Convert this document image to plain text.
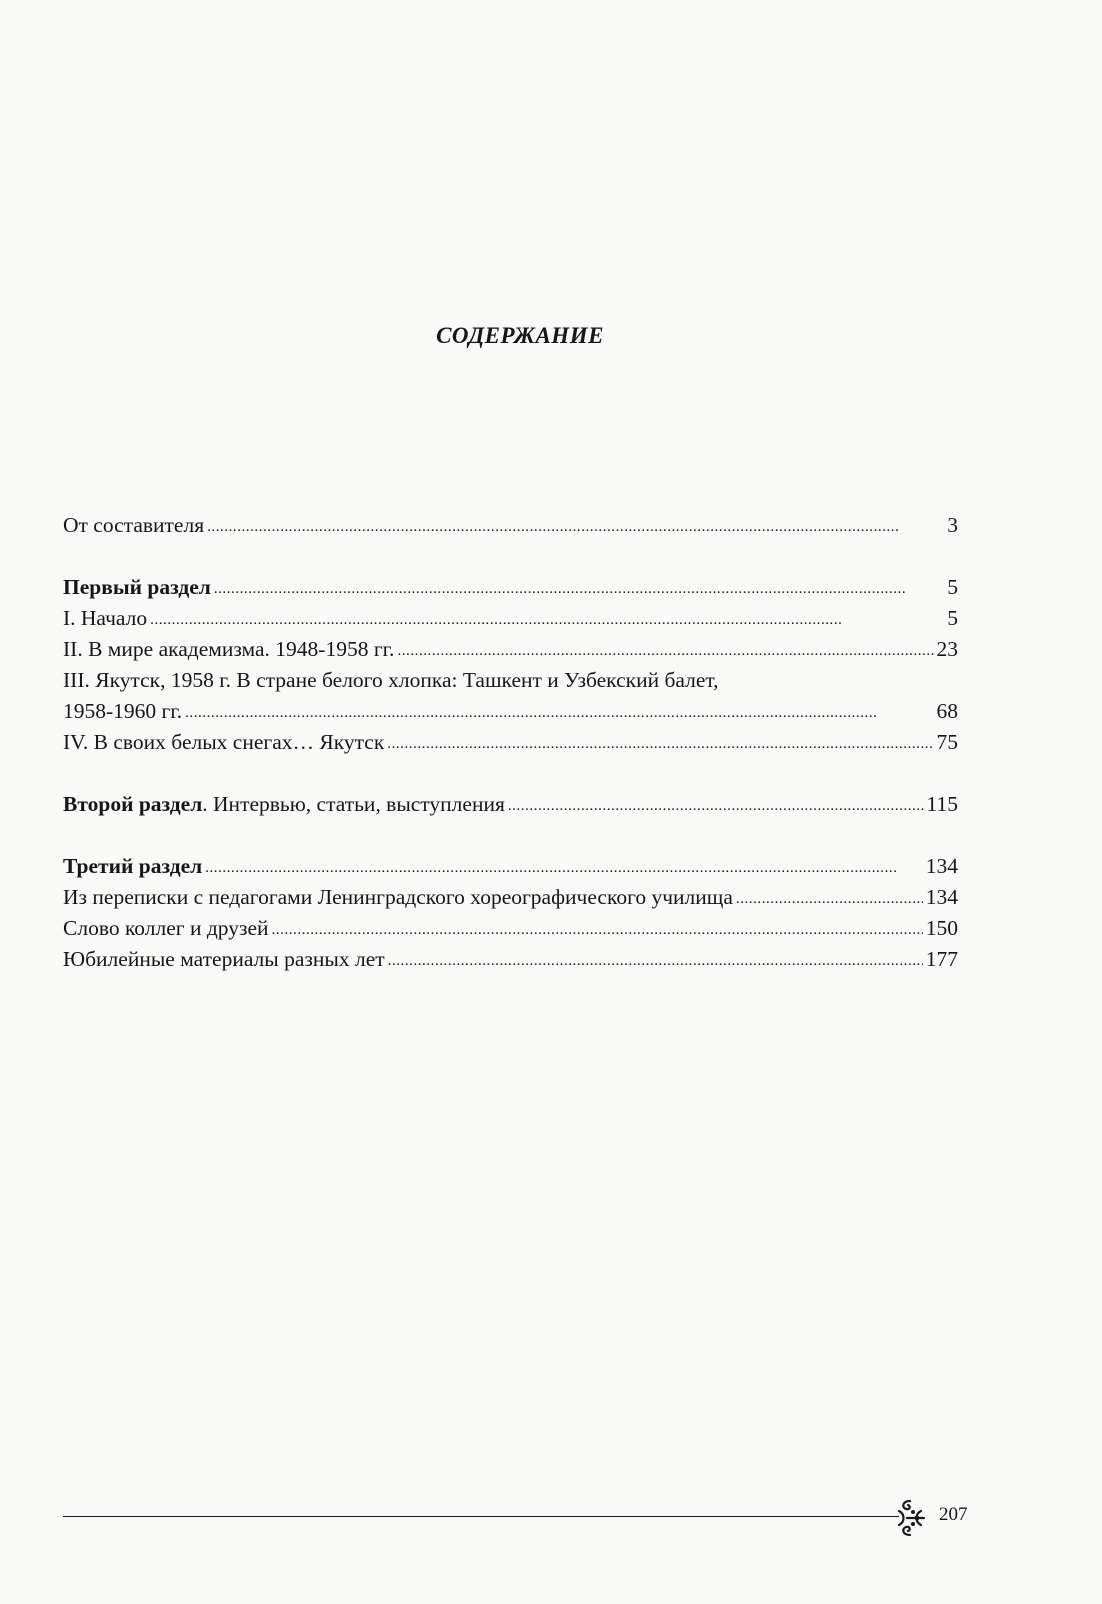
СОДЕРЖАНИЕ
От составителя . . .	3
Первый раздел . . .	5
I. Начало . . .	5
II. В мире академизма. 1948-1958 гг. . . .	23
III. Якутск, 1958 г. В стране белого хлопка: Ташкент и Узбекский балет,
1958-1960 гг. . . .	68
IV. В своих белых снегах… Якутск . . .	75
Второй раздел. Интервью, статьи, выступления . . .	115
Третий раздел . . .	134
Из переписки с педагогами Ленинградского хореографического училища . . .	134
Слово коллег и друзей . . .	150
Юбилейные материалы разных лет . . .	177
207
